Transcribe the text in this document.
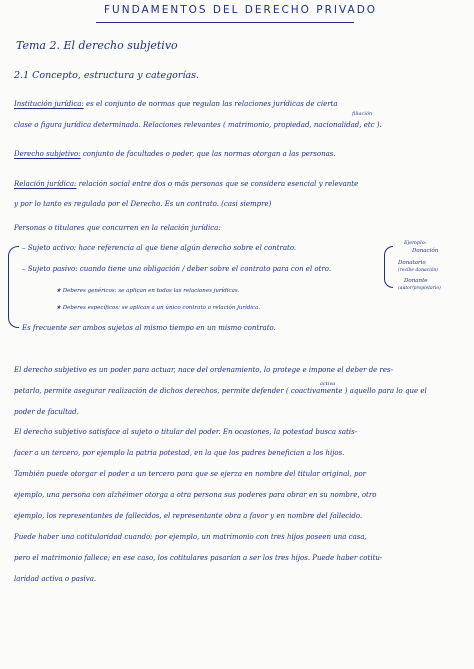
FUNDAMENTOS DEL DERECHO PRIVADO
Tema 2. El derecho subjetivo
2.1 Concepto, estructura y categorías.
Institución jurídica: es el conjunto de normas que regulan las relaciones jurídicas de cierta
filiación
clase o figura jurídica determinada. Relaciones relevantes ( matrimonio, propiedad, nacionalidad, etc ).
Derecho subjetivo: conjunto de facultades o poder, que las normas otorgan a las personas.
Relación jurídica: relación social entre dos o más personas que se considera esencial y relevante
y por lo tanto es regulada por el Derecho. Es un contrato. (casi siempre)
Personas o titulares que concurren en la relación jurídica:
– Sujeto activo: hace referencia al que tiene algún derecho sobre el contrato.
– Sujeto pasivo: cuando tiene una obligación / deber sobre el contrato para con el otro.
★ Deberes genéricos: se aplican en todas las relaciones jurídicas.
★ Deberes específicos: se aplican a un único contrato o relación jurídica.
Es frecuente ser ambos sujetos al mismo tiempo en un mismo contrato.
Ejemplo:
Donación
Donatario
(recibe donación)
Donante
(autor/propietario)
activa
El derecho subjetivo es un poder para actuar, nace del ordenamiento, lo protege e impone el deber de res-
petarlo, permite asegurar realización de dichos derechos, permite defender ( coactivamente ) aquello para lo que el
poder de facultad.
El derecho subjetivo satisface al sujeto o titular del poder. En ocasiones, la potestad busca satis-
facer a un tercero, por ejemplo la patria potestad, en la que los padres benefician a los hijos.
También puede otorgar el poder a un tercero para que se ejerza en nombre del titular original, por
ejemplo, una persona con alzhéimer otorga a otra persona sus poderes para obrar en su nombre, otro
ejemplo, los representantes de fallecidos, el representante obra a favor y en nombre del fallecido.
Puede haber una cotitularidad cuando: por ejemplo, un matrimonio con tres hijos poseen una casa,
pero el matrimonio fallece; en ese caso, los cotitulares pasarían a ser los tres hijos. Puede haber cotitu-
laridad activa o pasiva.
